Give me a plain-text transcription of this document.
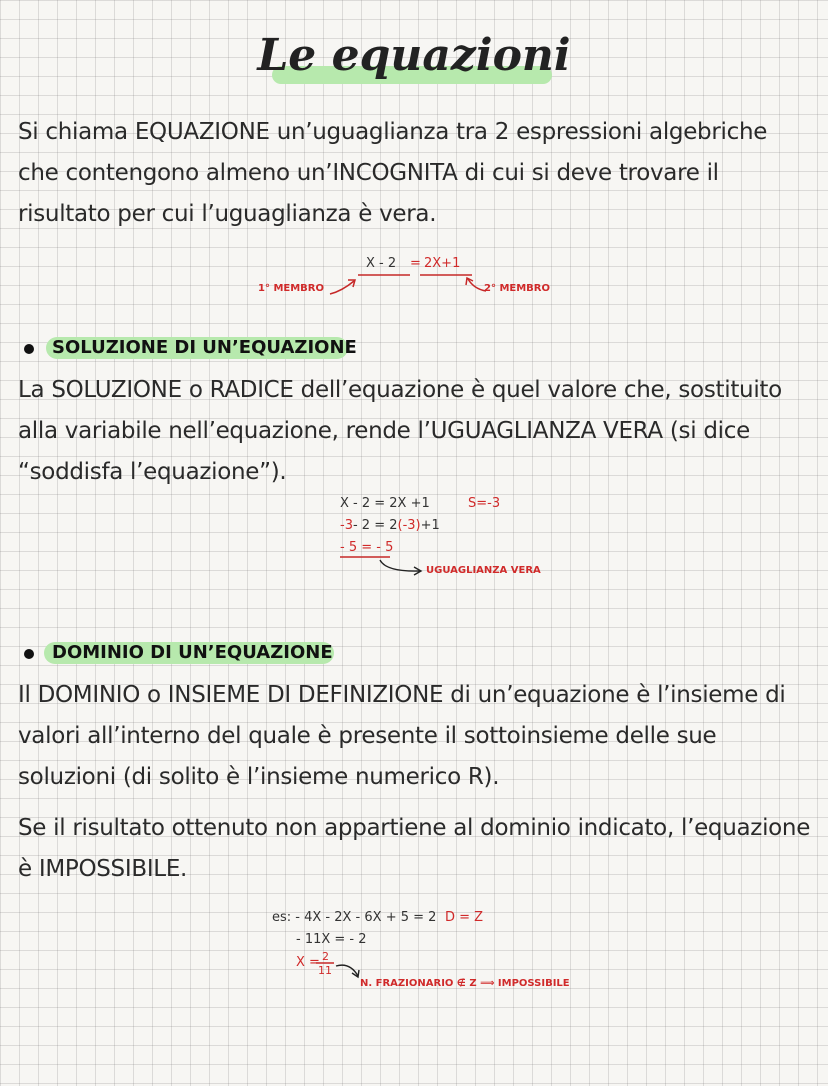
Le equazioni
Si chiama EQUAZIONE un’uguaglianza tra 2 espressioni algebriche che contengono almeno un’INCOGNITA di cui si deve trovare il risultato per cui l’uguaglianza è vera.
X - 2 = 2X+1
1° MEMBRO	2° MEMBRO
SOLUZIONE DI UN’EQUAZIONE
La SOLUZIONE o RADICE dell’equazione è quel valore che, sostituito alla variabile nell’equazione, rende l’UGUAGLIANZA VERA (si dice “soddisfa l’equazione”).
X - 2 = 2X +1	S=-3
-3- 2 = 2(-3)+1
- 5 = - 5
UGUAGLIANZA VERA
DOMINIO DI UN’EQUAZIONE
Il DOMINIO o INSIEME DI DEFINIZIONE di un’equazione è l’insieme di valori all’interno del quale è presente il sottoinsieme delle sue soluzioni (di solito è l’insieme numerico R).
Se il risultato ottenuto non appartiene al dominio indicato, l’equazione è IMPOSSIBILE.
es: - 4X - 2X - 6X + 5 = 2 D = Z
- 11X = - 2
X = 2
11
N. FRAZIONARIO ∉ Z ⟹ IMPOSSIBILE
